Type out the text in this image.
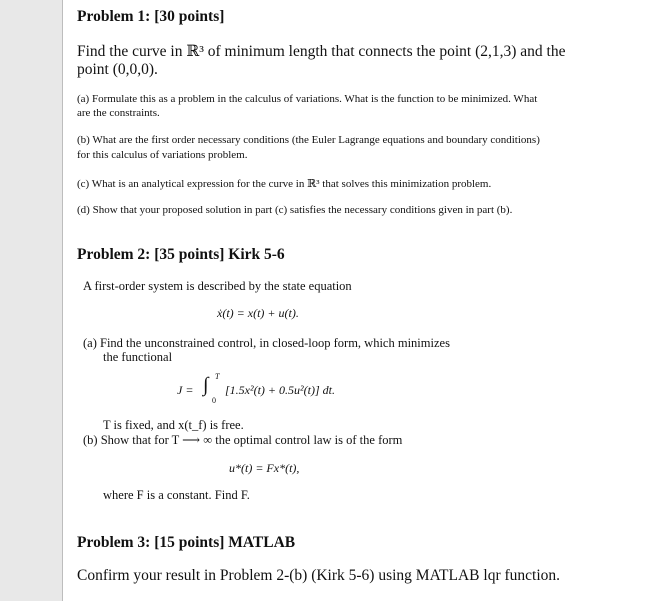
Problem 1: [30 points]
Find the curve in ℝ³ of minimum length that connects the point (2,1,3) and the
point (0,0,0).
(a) Formulate this as a problem in the calculus of variations. What is the function to be minimized. What
are the constraints.
(b) What are the first order necessary conditions (the Euler Lagrange equations and boundary conditions)
for this calculus of variations problem.
(c) What is an analytical expression for the curve in ℝ³ that solves this minimization problem.
(d) Show that your proposed solution in part (c) satisfies the necessary conditions given in part (b).
Problem 2: [35 points] Kirk 5-6
A first-order system is described by the state equation
ẋ(t) = x(t) + u(t).
(a) Find the unconstrained control, in closed-loop form, which minimizes
the functional
J = ∫ T
0
[1.5x²(t) + 0.5u²(t)] dt.
T is fixed, and x(t_f) is free.
(b) Show that for T ⟶ ∞ the optimal control law is of the form
u*(t) = Fx*(t),
where F is a constant. Find F.
Problem 3: [15 points] MATLAB
Confirm your result in Problem 2-(b) (Kirk 5-6) using MATLAB lqr function.
